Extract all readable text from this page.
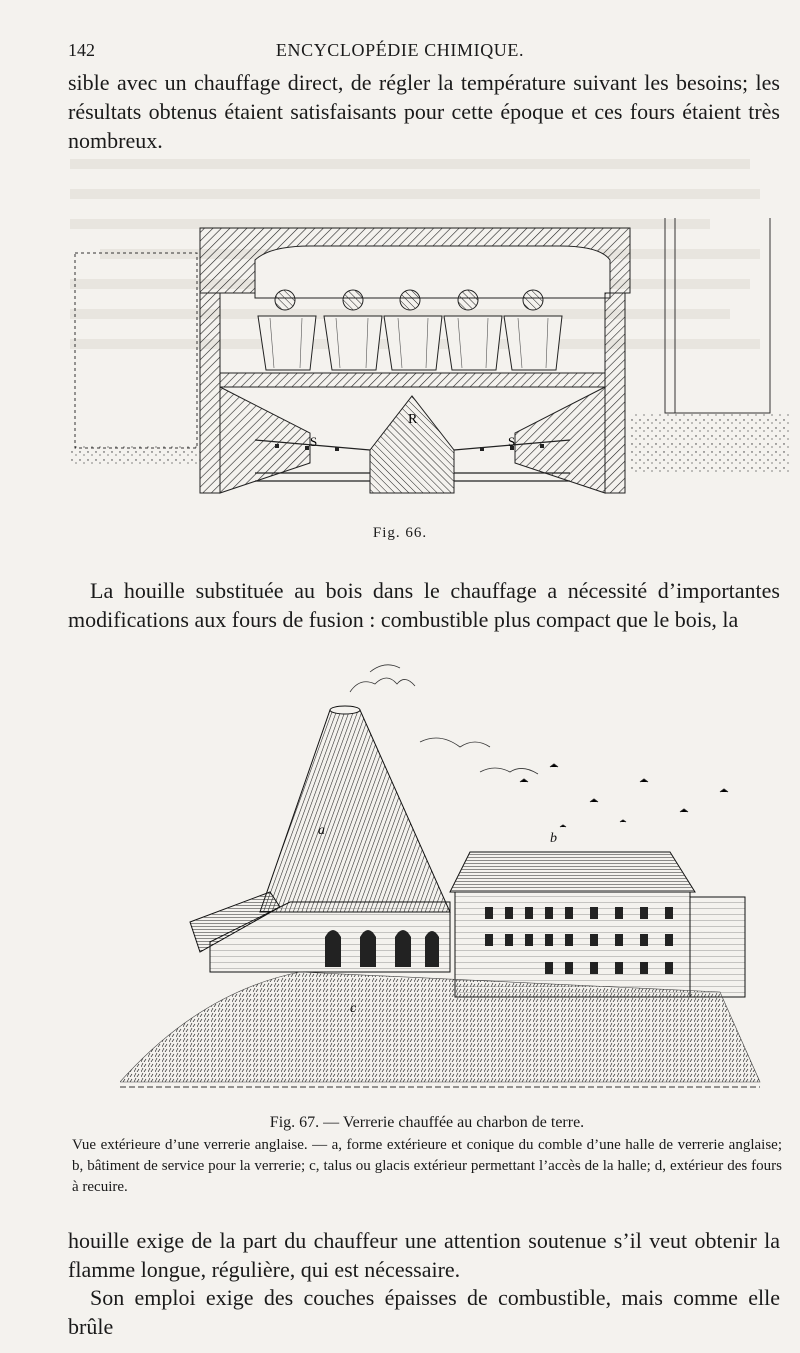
142	ENCYCLOPÉDIE CHIMIQUE.

sible avec un chauffage direct, de régler la température suivant les besoins; les résultats obtenus étaient satisfaisants pour cette époque et ces fours étaient très nombreux.

R
S	S
Fig. 66.

La houille substituée au bois dans le chauffage a nécessité d’importantes modifications aux fours de fusion : combustible plus compact que le bois, la

a
b
c
Fig. 67. — Verrerie chauffée au charbon de terre.
Vue extérieure d’une verrerie anglaise. — a, forme extérieure et conique du comble d’une halle de verrerie anglaise; b, bâtiment de service pour la verrerie; c, talus ou glacis extérieur permettant l’accès de la halle; d, extérieur des fours à recuire.

houille exige de la part du chauffeur une attention soutenue s’il veut obtenir la flamme longue, régulière, qui est nécessaire.

Son emploi exige des couches épaisses de combustible, mais comme elle brûle
